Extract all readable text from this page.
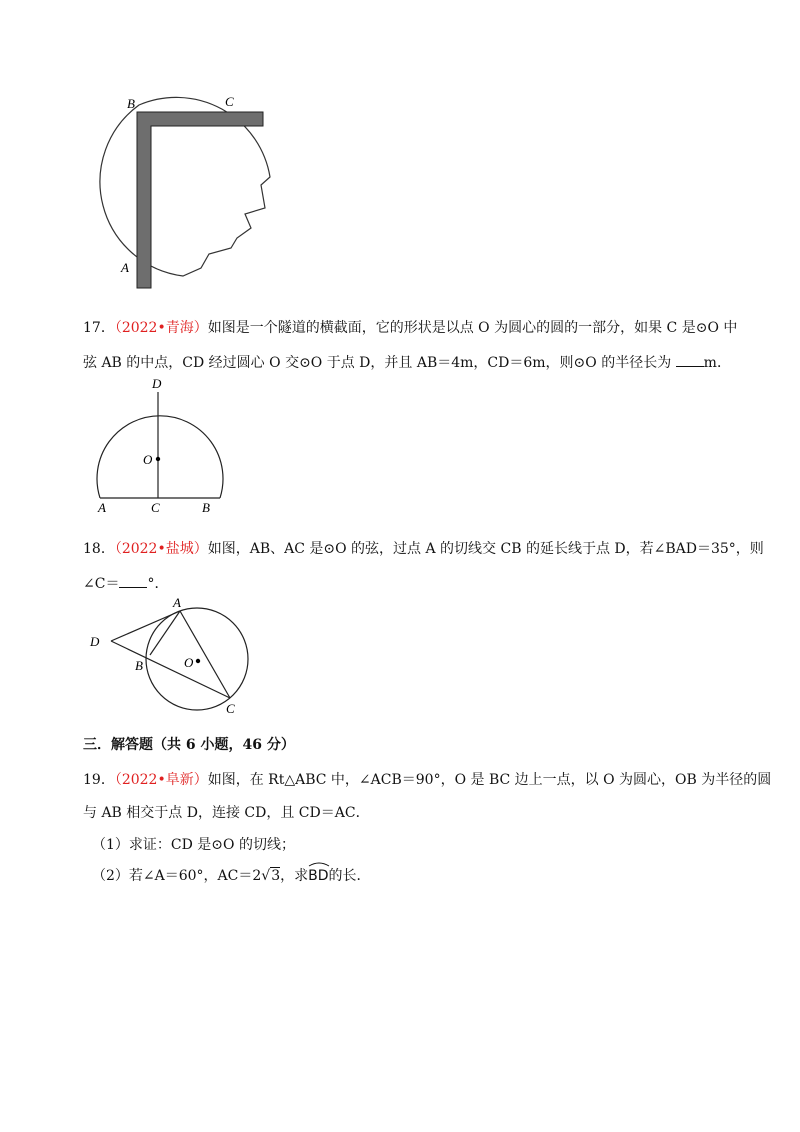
B	C
A
17．（2022•青海）如图是一个隧道的横截面，它的形状是以点 O 为圆心的圆的一部分，如果 C 是⊙O 中
弦 AB 的中点，CD 经过圆心 O 交⊙O 于点 D，并且 AB＝4m，CD＝6m，则⊙O 的半径长为 m．
D
O
A	C	B
18．（2022•盐城）如图，AB、AC 是⊙O 的弦，过点 A 的切线交 CB 的延长线于点 D，若∠BAD＝35°，则
∠C＝ °．
A
D
B	O
C
三．解答题（共 6 小题，46 分）
19．（2022•阜新）如图，在 Rt△ABC 中，∠ACB＝90°，O 是 BC 边上一点，以 O 为圆心，OB 为半径的圆
与 AB 相交于点 D，连接 CD，且 CD＝AC．
（1）求证：CD 是⊙O 的切线；
（2）若∠A＝60°，AC＝2√3，求
BD的长．
